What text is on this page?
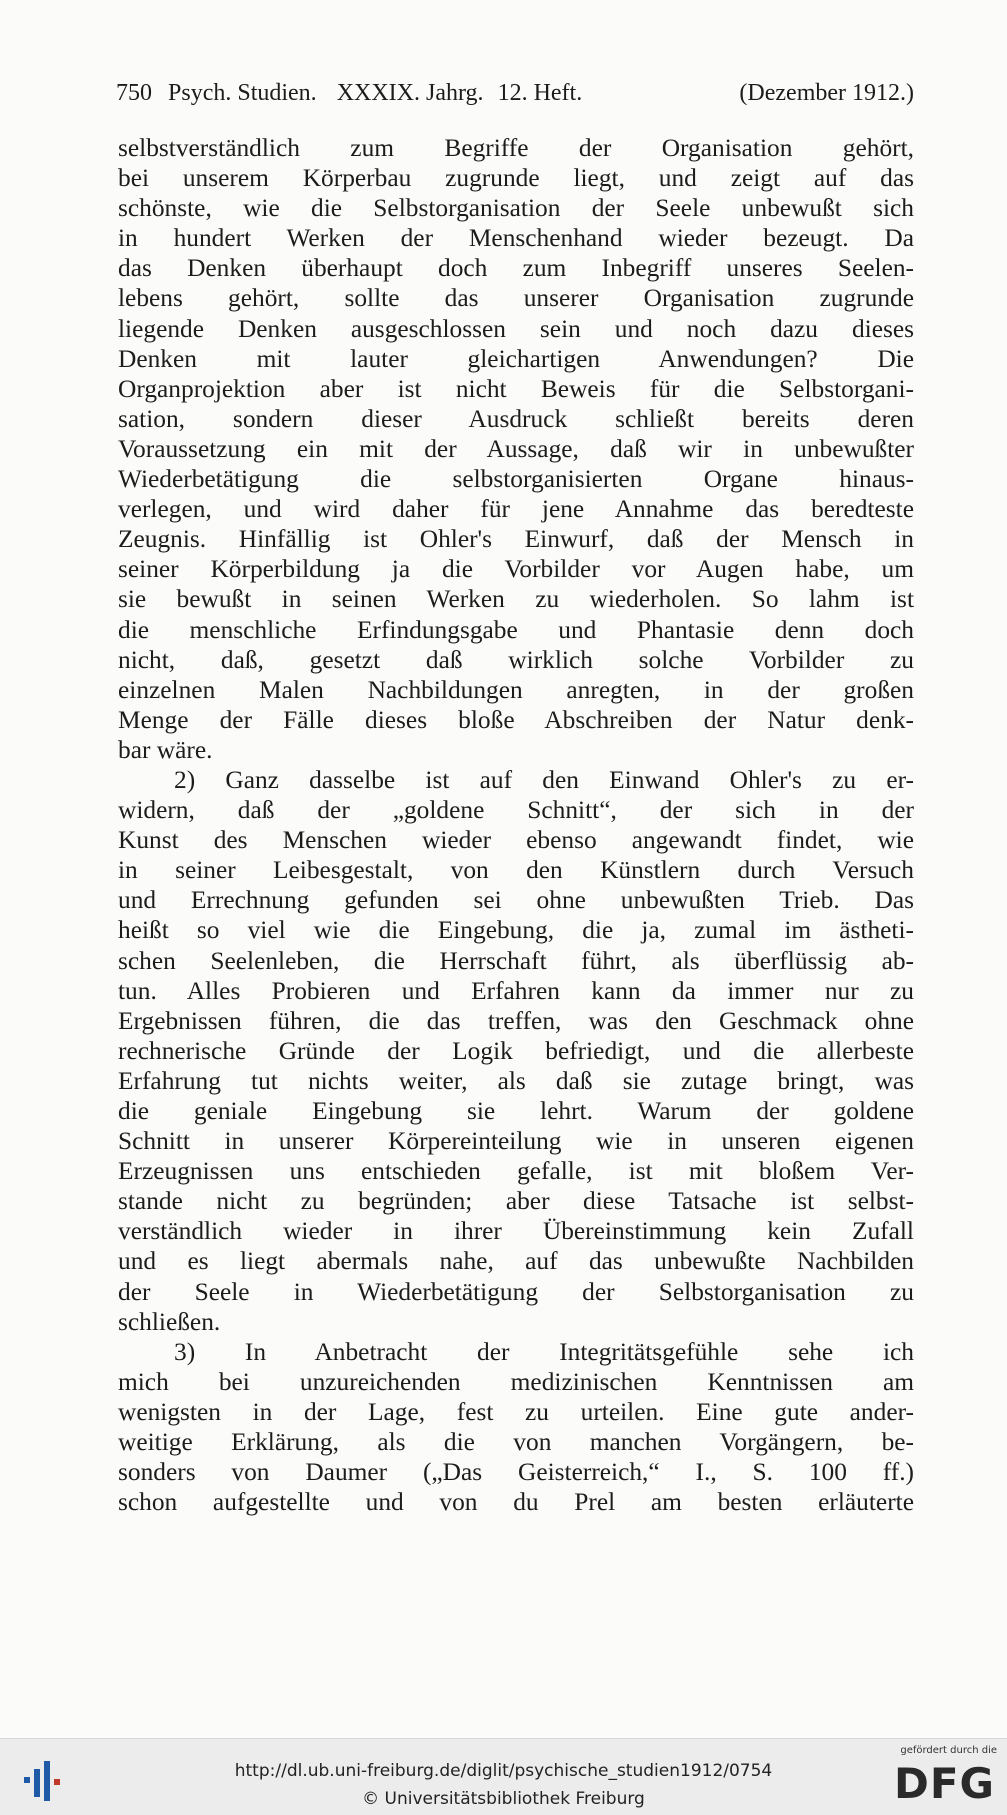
750 Psych. Studien. XXXIX. Jahrg. 12. Heft.	(Dezember 1912.)
selbstverständlich zum Begriffe der Organisation gehört,
bei unserem Körperbau zugrunde liegt, und zeigt auf das
schönste, wie die Selbstorganisation der Seele unbewußt sich
in hundert Werken der Menschenhand wieder bezeugt. Da
das Denken überhaupt doch zum Inbegriff unseres Seelen-
lebens gehört, sollte das unserer Organisation zugrunde
liegende Denken ausgeschlossen sein und noch dazu dieses
Denken mit lauter gleichartigen Anwendungen? Die
Organprojektion aber ist nicht Beweis für die Selbstorgani-
sation, sondern dieser Ausdruck schließt bereits deren
Voraussetzung ein mit der Aussage, daß wir in unbewußter
Wiederbetätigung die selbstorganisierten Organe hinaus-
verlegen, und wird daher für jene Annahme das beredteste
Zeugnis. Hinfällig ist Ohler's Einwurf, daß der Mensch in
seiner Körperbildung ja die Vorbilder vor Augen habe, um
sie bewußt in seinen Werken zu wiederholen. So lahm ist
die menschliche Erfindungsgabe und Phantasie denn doch
nicht, daß, gesetzt daß wirklich solche Vorbilder zu
einzelnen Malen Nachbildungen anregten, in der großen
Menge der Fälle dieses bloße Abschreiben der Natur denk-
bar wäre.
2) Ganz dasselbe ist auf den Einwand Ohler's zu er-
widern, daß der „goldene Schnitt“, der sich in der
Kunst des Menschen wieder ebenso angewandt findet, wie
in seiner Leibesgestalt, von den Künstlern durch Versuch
und Errechnung gefunden sei ohne unbewußten Trieb. Das
heißt so viel wie die Eingebung, die ja, zumal im ästheti-
schen Seelenleben, die Herrschaft führt, als überflüssig ab-
tun. Alles Probieren und Erfahren kann da immer nur zu
Ergebnissen führen, die das treffen, was den Geschmack ohne
rechnerische Gründe der Logik befriedigt, und die allerbeste
Erfahrung tut nichts weiter, als daß sie zutage bringt, was
die geniale Eingebung sie lehrt. Warum der goldene
Schnitt in unserer Körpereinteilung wie in unseren eigenen
Erzeugnissen uns entschieden gefalle, ist mit bloßem Ver-
stande nicht zu begründen; aber diese Tatsache ist selbst-
verständlich wieder in ihrer Übereinstimmung kein Zufall
und es liegt abermals nahe, auf das unbewußte Nachbilden
der Seele in Wiederbetätigung der Selbstorganisation zu
schließen.
3) In Anbetracht der Integritätsgefühle sehe ich
mich bei unzureichenden medizinischen Kenntnissen am
wenigsten in der Lage, fest zu urteilen. Eine gute ander-
weitige Erklärung, als die von manchen Vorgängern, be-
sonders von Daumer („Das Geisterreich,“ I., S. 100 ff.)
schon aufgestellte und von du Prel am besten erläuterte
http://dl.ub.uni-freiburg.de/diglit/psychische_studien1912/0754
© Universitätsbibliothek Freiburg
gefördert durch die
DFG
